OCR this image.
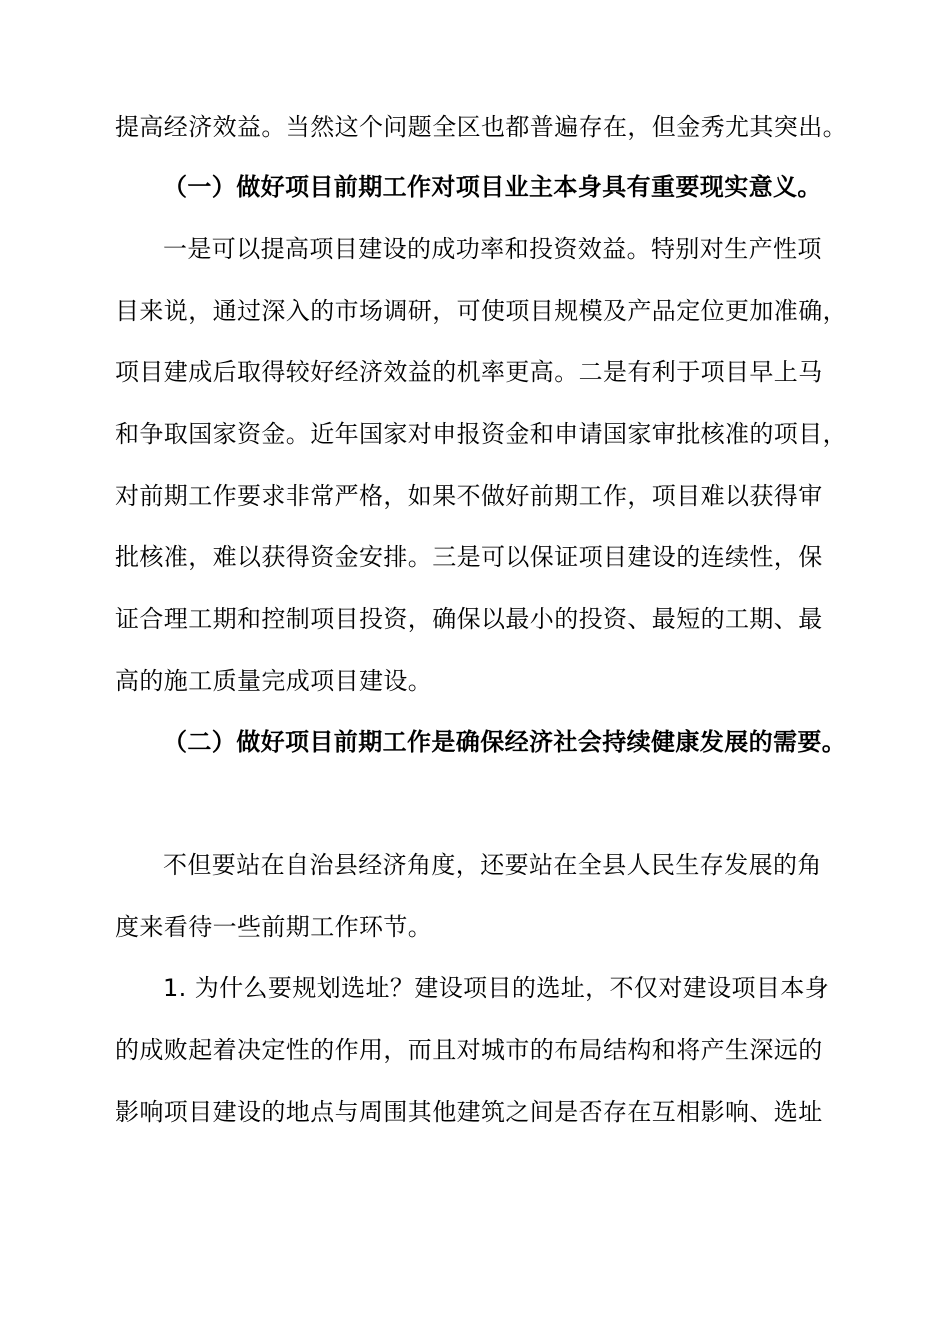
提高经济效益。当然这个问题全区也都普遍存在，但金秀尤其突出。
（一）做好项目前期工作对项目业主本身具有重要现实意义。
一是可以提高项目建设的成功率和投资效益。特别对生产性项
目来说，通过深入的市场调研，可使项目规模及产品定位更加准确，
项目建成后取得较好经济效益的机率更高。二是有利于项目早上马
和争取国家资金。近年国家对申报资金和申请国家审批核准的项目，
对前期工作要求非常严格，如果不做好前期工作，项目难以获得审
批核准，难以获得资金安排。三是可以保证项目建设的连续性，保
证合理工期和控制项目投资，确保以最小的投资、最短的工期、最
高的施工质量完成项目建设。
（二）做好项目前期工作是确保经济社会持续健康发展的需要。
不但要站在自治县经济角度，还要站在全县人民生存发展的角
度来看待一些前期工作环节。
1. 为什么要规划选址？建设项目的选址，不仅对建设项目本身
的成败起着决定性的作用，而且对城市的布局结构和将产生深远的
影响项目建设的地点与周围其他建筑之间是否存在互相影响、选址
